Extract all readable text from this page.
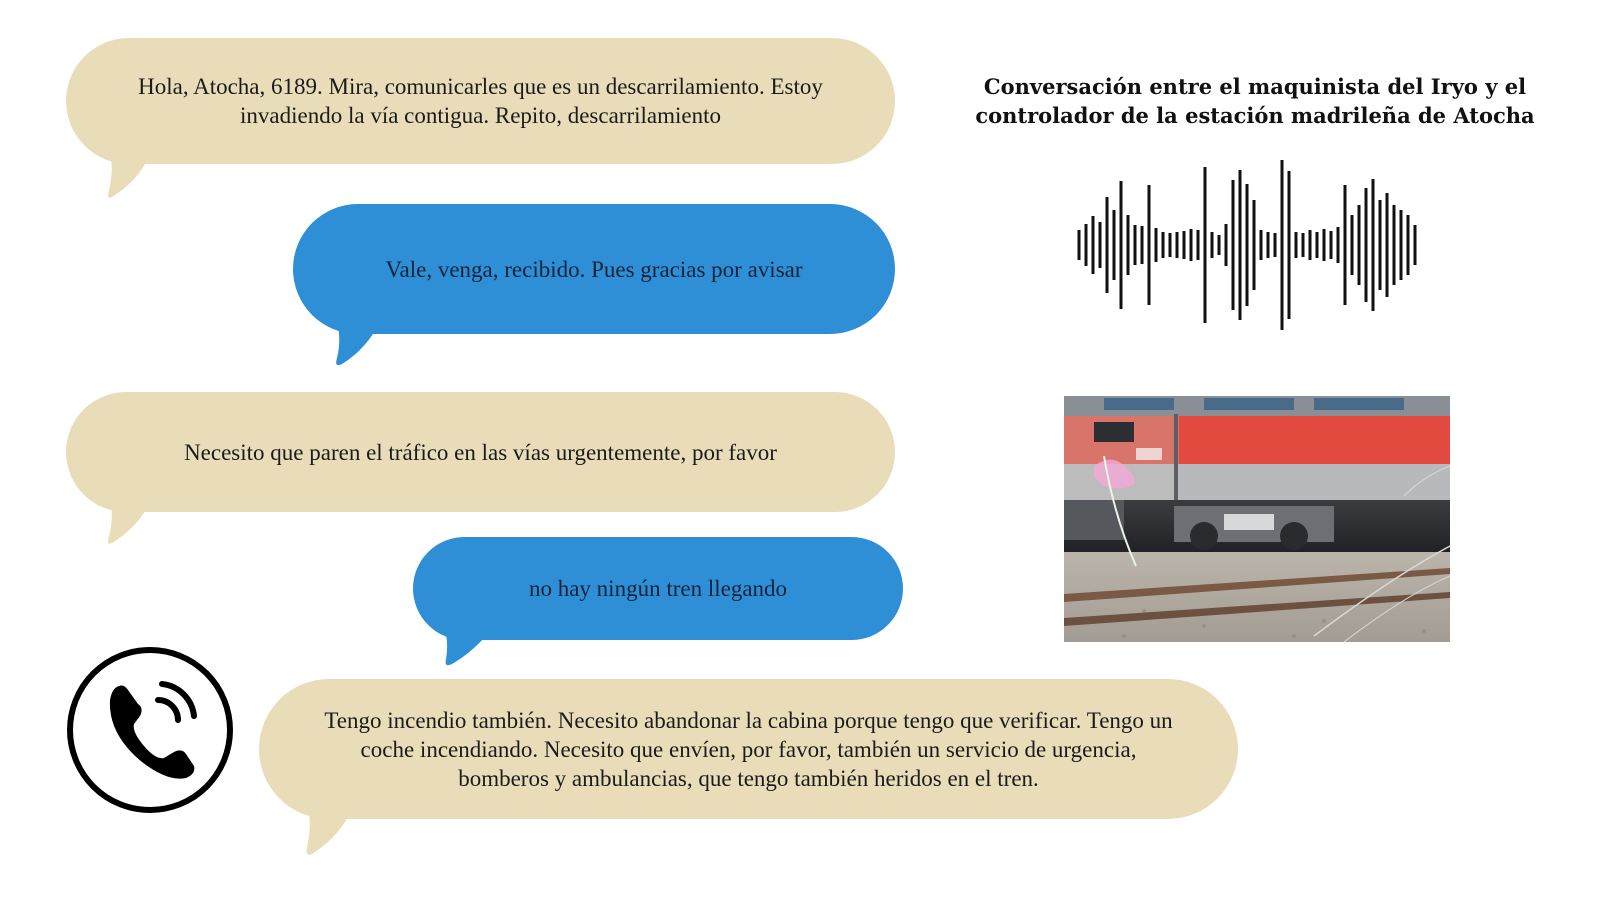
Hola, Atocha, 6189. Mira, comunicarles que es un descarrilamiento. Estoy invadiendo la vía contigua. Repito, descarrilamiento
Vale, venga, recibido. Pues gracias por avisar
Necesito que paren el tráfico en las vías urgentemente, por favor
no hay ningún tren llegando
Tengo incendio también. Necesito abandonar la cabina porque tengo que verificar. Tengo un coche incendiando. Necesito que envíen, por favor, también un servicio de urgencia, bomberos y ambulancias, que tengo también heridos en el tren.
Conversación entre el maquinista del Iryo y el controlador de la estación madrileña de Atocha
